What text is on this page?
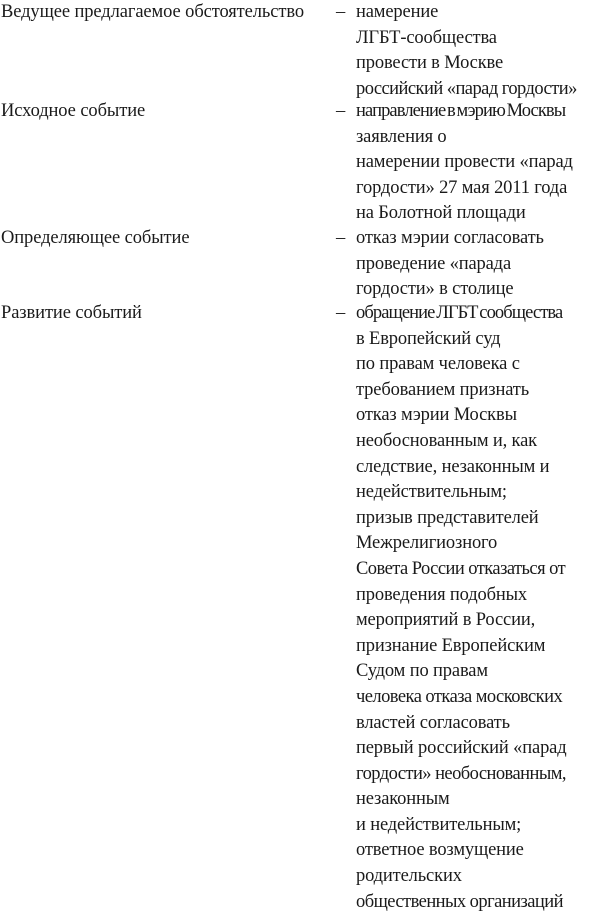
Ведущее предлагаемое обстоятельство – намерение
ЛГБТ-сообщества
провести в Москве
российский «парад гордости»
Исходное событие	– направление в мэрию Москвы
заявления о
намерении провести «парад
гордости» 27 мая 2011 года
на Болотной площади
Определяющее событие	– отказ мэрии согласовать
проведение «парада
гордости» в столице
Развитие событий	– обращение ЛГБТ сообщества
в Европейский суд
по правам человека с
требованием признать
отказ мэрии Москвы
необоснованным и, как
следствие, незаконным и
недействительным;
призыв представителей
Межрелигиозного
Совета России отказаться от
проведения подобных
мероприятий в России,
признание Европейским
Судом по правам
человека отказа московских
властей согласовать
первый российский «парад
гордости» необоснованным,
незаконным
и недействительным;
ответное возмущение
родительских
общественных организаций
